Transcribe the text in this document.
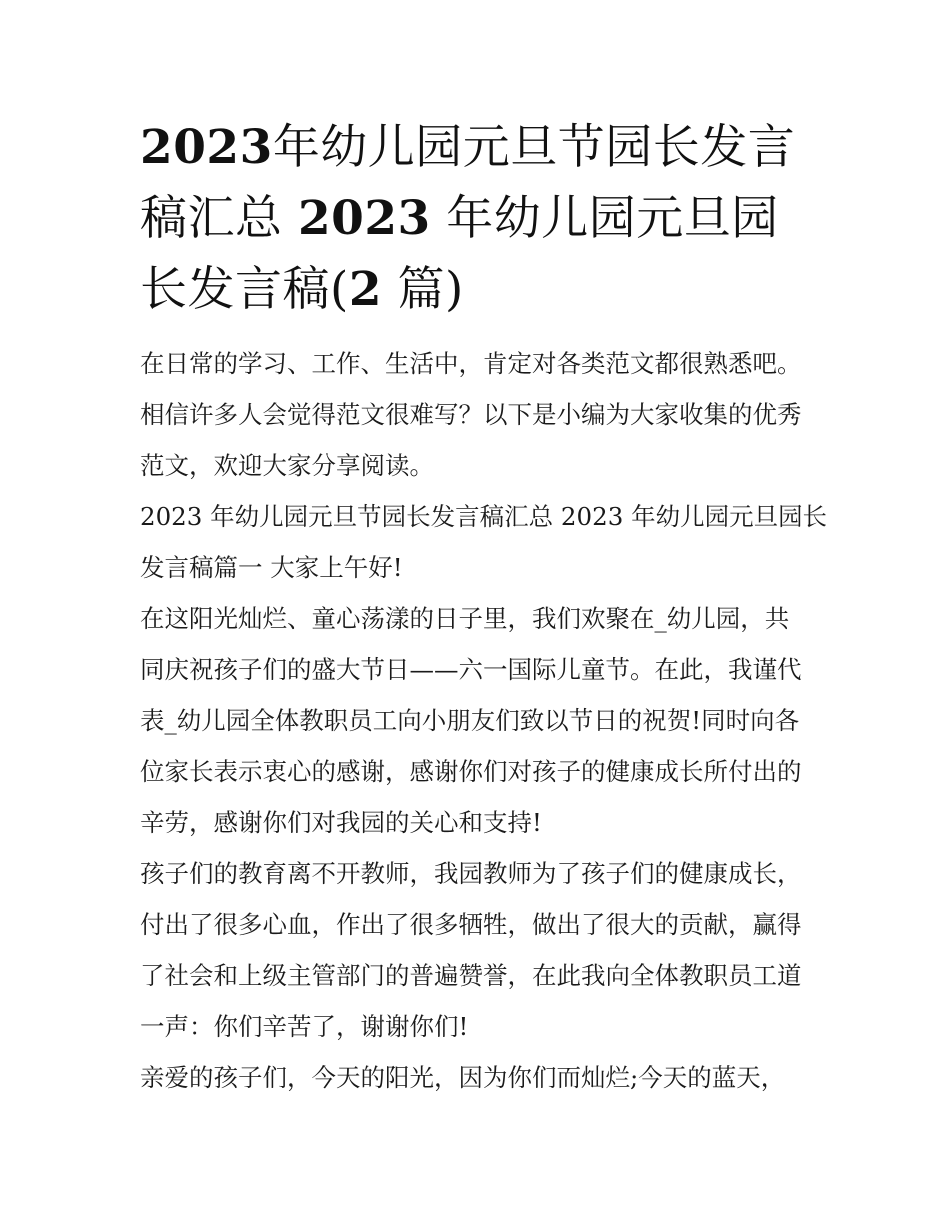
2023年幼儿园元旦节园长发言
稿汇总 2023 年幼儿园元旦园
长发言稿(2 篇)

在日常的学习、工作、生活中，肯定对各类范文都很熟悉吧。
相信许多人会觉得范文很难写？以下是小编为大家收集的优秀
范文，欢迎大家分享阅读。

2023 年幼儿园元旦节园长发言稿汇总 2023 年幼儿园元旦园长
发言稿篇一 大家上午好!

在这阳光灿烂、童心荡漾的日子里，我们欢聚在_幼儿园，共
同庆祝孩子们的盛大节日——六一国际儿童节。在此，我谨代
表_幼儿园全体教职员工向小朋友们致以节日的祝贺!同时向各
位家长表示衷心的感谢，感谢你们对孩子的健康成长所付出的
辛劳，感谢你们对我园的关心和支持!

孩子们的教育离不开教师，我园教师为了孩子们的健康成长，
付出了很多心血，作出了很多牺牲，做出了很大的贡献，赢得
了社会和上级主管部门的普遍赞誉，在此我向全体教职员工道
一声：你们辛苦了，谢谢你们!

亲爱的孩子们，今天的阳光，因为你们而灿烂;今天的蓝天，
